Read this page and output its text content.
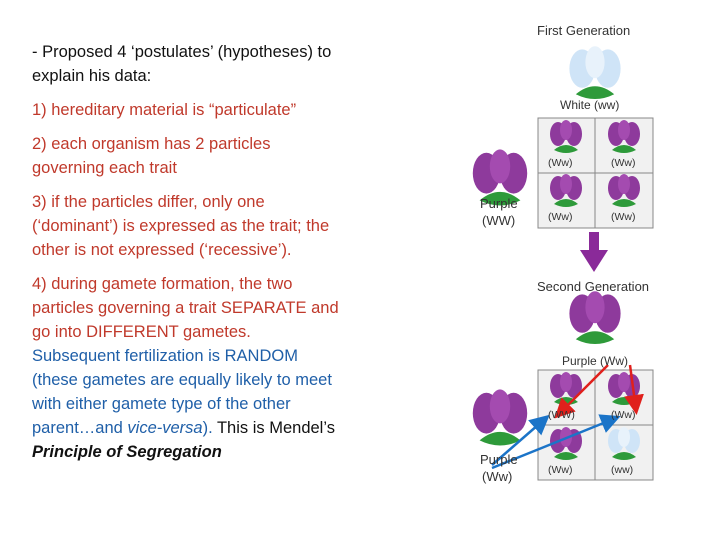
- Proposed 4 ‘postulates’ (hypotheses) to explain his data:

1) hereditary material is “particulate”

2) each organism has 2 particles governing each trait

3) if the particles differ, only one (‘dominant’) is expressed as the trait; the other is not expressed (‘recessive’).

4) during gamete formation, the two particles governing a trait SEPARATE and go into DIFFERENT gametes. Subsequent fertilization is RANDOM (these gametes are equally likely to meet with either gamete type of the other parent…and vice-versa). This is Mendel’s Principle of Segregation

First Generation
White (ww)
Purple
(WW)
(Ww)	(Ww)
(Ww)	(Ww)
Second Generation
Purple (Ww)
Purple
(Ww)
(WW)	(Ww)
(Ww)	(ww)
